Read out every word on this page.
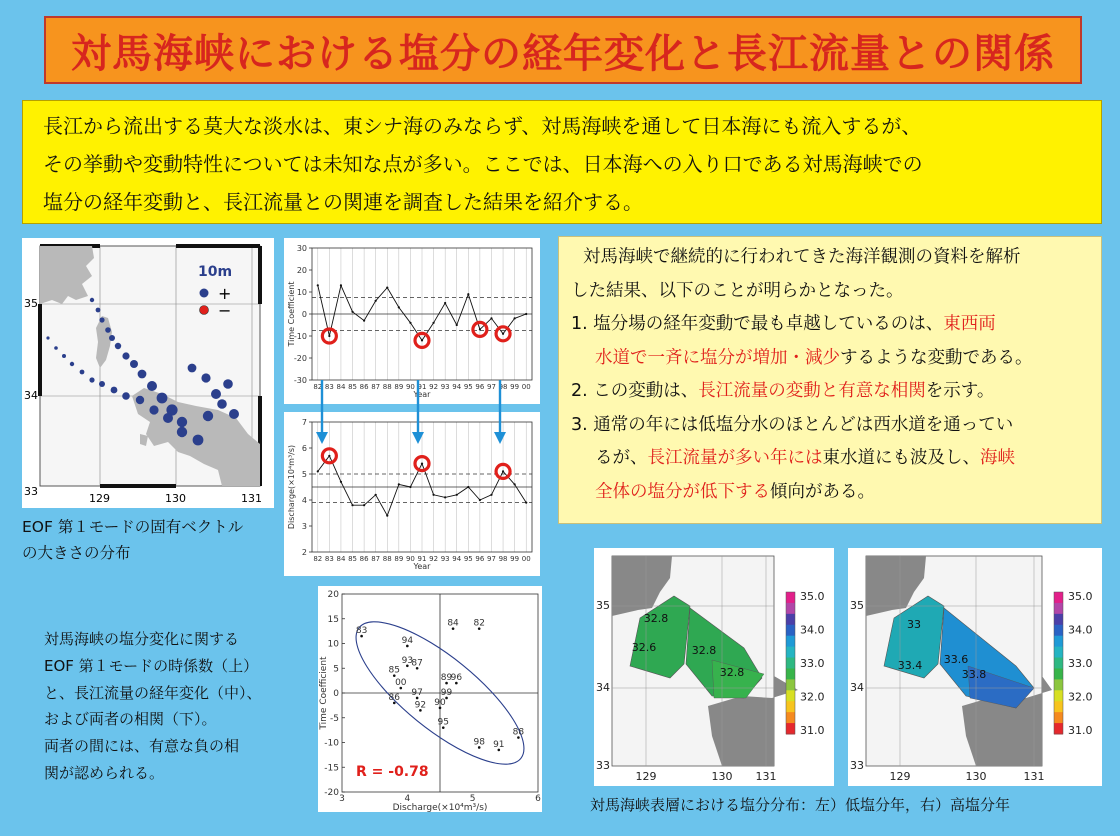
対馬海峡における塩分の経年変化と長江流量との関係
長江から流出する莫大な淡水は、東シナ海のみならず、対馬海峡を通して日本海にも流入するが、
その挙動や変動特性については未知な点が多い。ここでは、日本海への入り口である対馬海峡での
塩分の経年変動と、長江流量との関連を調査した結果を紹介する。
35
34
33
129	130	131
10m
+
−
EOF 第１モードの固有ベクトル
の大きさの分布
-30
-20
-10
0
10
20
30
82 83 84 85 86 87 88 89 90 91 92 93 94 95 96 97 98 99 00
Year
Time Coefficient
2
3
4
5
6
7
82 83 84 85 86 87 88 89 90 91 92 93 94 95 96 97 98 99 00
Year
Discharge(×10⁴m³/s)
-20
-15
-10
-5
0
5
10
15
20
3	4	5	6
83
94
84 82
93
87
85
00	89
96
86 97 99
92 90
95
98 91
88
R = -0.78
Discharge(×10⁴m³/s)
Time Coefficient
対馬海峡の塩分変化に関する
EOF 第１モードの時係数（上）
と、長江流量の経年変化（中）、
および両者の相関（下）。
両者の間には、有意な負の相
関が認められる。
対馬海峡で継続的に行われてきた海洋観測の資料を解析
した結果、以下のことが明らかとなった。
1. 塩分場の経年変動で最も卓越しているのは、東西両
水道で一斉に塩分が増加・減少するような変動である。
2. この変動は、長江流量の変動と有意な相関を示す。
3. 通常の年には低塩分水のほとんどは西水道を通ってい
るが、長江流量が多い年には東水道にも波及し、海峡
全体の塩分が低下する傾向がある。
35
34
33
129	130 131
32.8
32.6	32.8
32.8
35.0
34.0
33.0
32.0
31.0
35
34
33
129	130	131
33
33.4 33.6
33.8
35.0
34.0
33.0
32.0
31.0
対馬海峡表層における塩分分布：左）低塩分年，右）高塩分年
